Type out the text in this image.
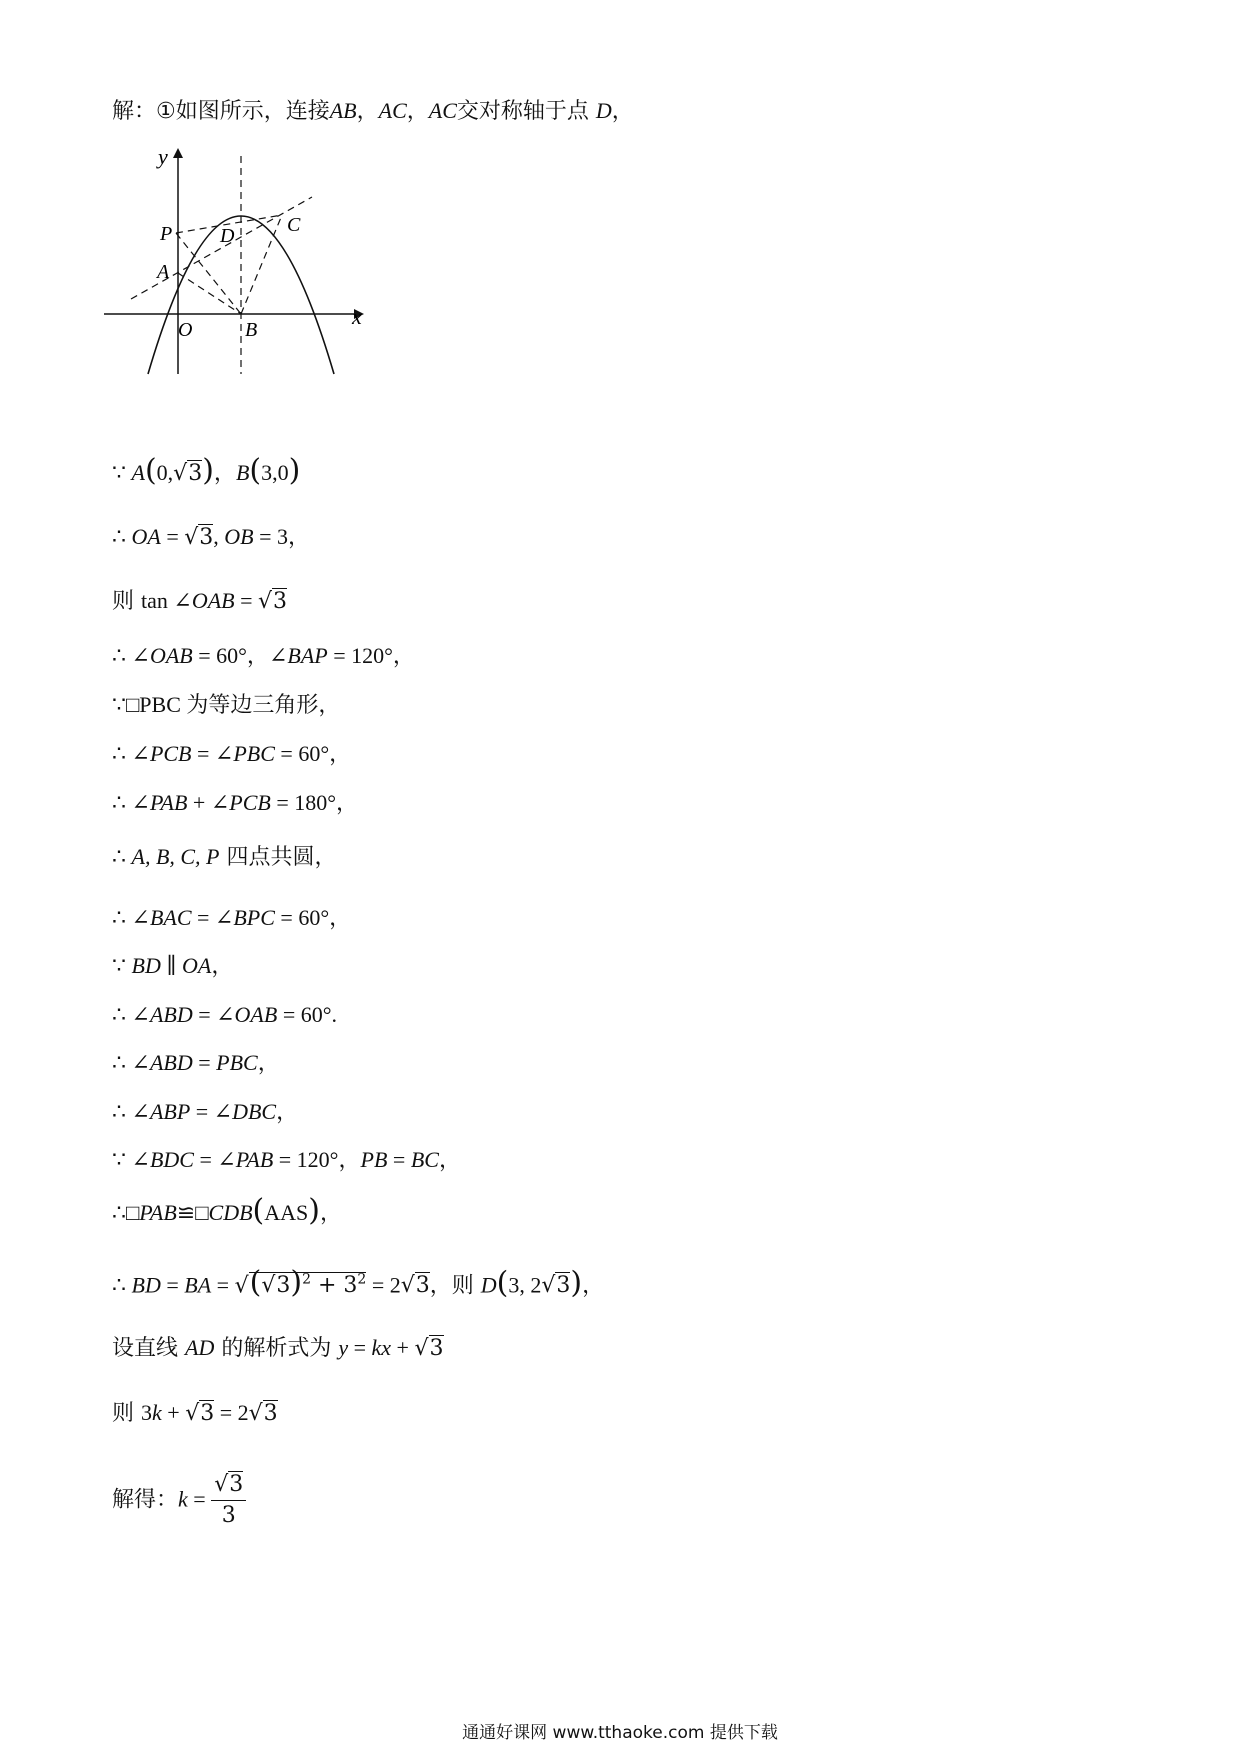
解：①如图所示，连接AB，AC，AC交对称轴于点 D，
y
x
P D	C
A
O	B
∵ A(0,√3)，B(3,0)
∴ OA = √3, OB = 3，
则 tan ∠OAB = √3
∴ ∠OAB = 60°，∠BAP = 120°，
∵□PBC 为等边三角形，
∴ ∠PCB = ∠PBC = 60°，
∴ ∠PAB + ∠PCB = 180°，
∴ A, B, C, P 四点共圆，
∴ ∠BAC = ∠BPC = 60°，
∵ BD ∥ OA，
∴ ∠ABD = ∠OAB = 60°.
∴ ∠ABD = PBC，
∴ ∠ABP = ∠DBC，
∵ ∠BDC = ∠PAB = 120°，PB = BC，
∴□PAB≌□CDB(AAS)，
∴ BD = BA = $√(√3)^2 + 3^2 = 2√3$，则 D(3, 2√3)，
设直线 AD 的解析式为 y = kx + √3
则 3k + √3 = 2√3
解得：$k = \frac{√3}{3}$
通通好课网 www.tthaoke.com 提供下载
